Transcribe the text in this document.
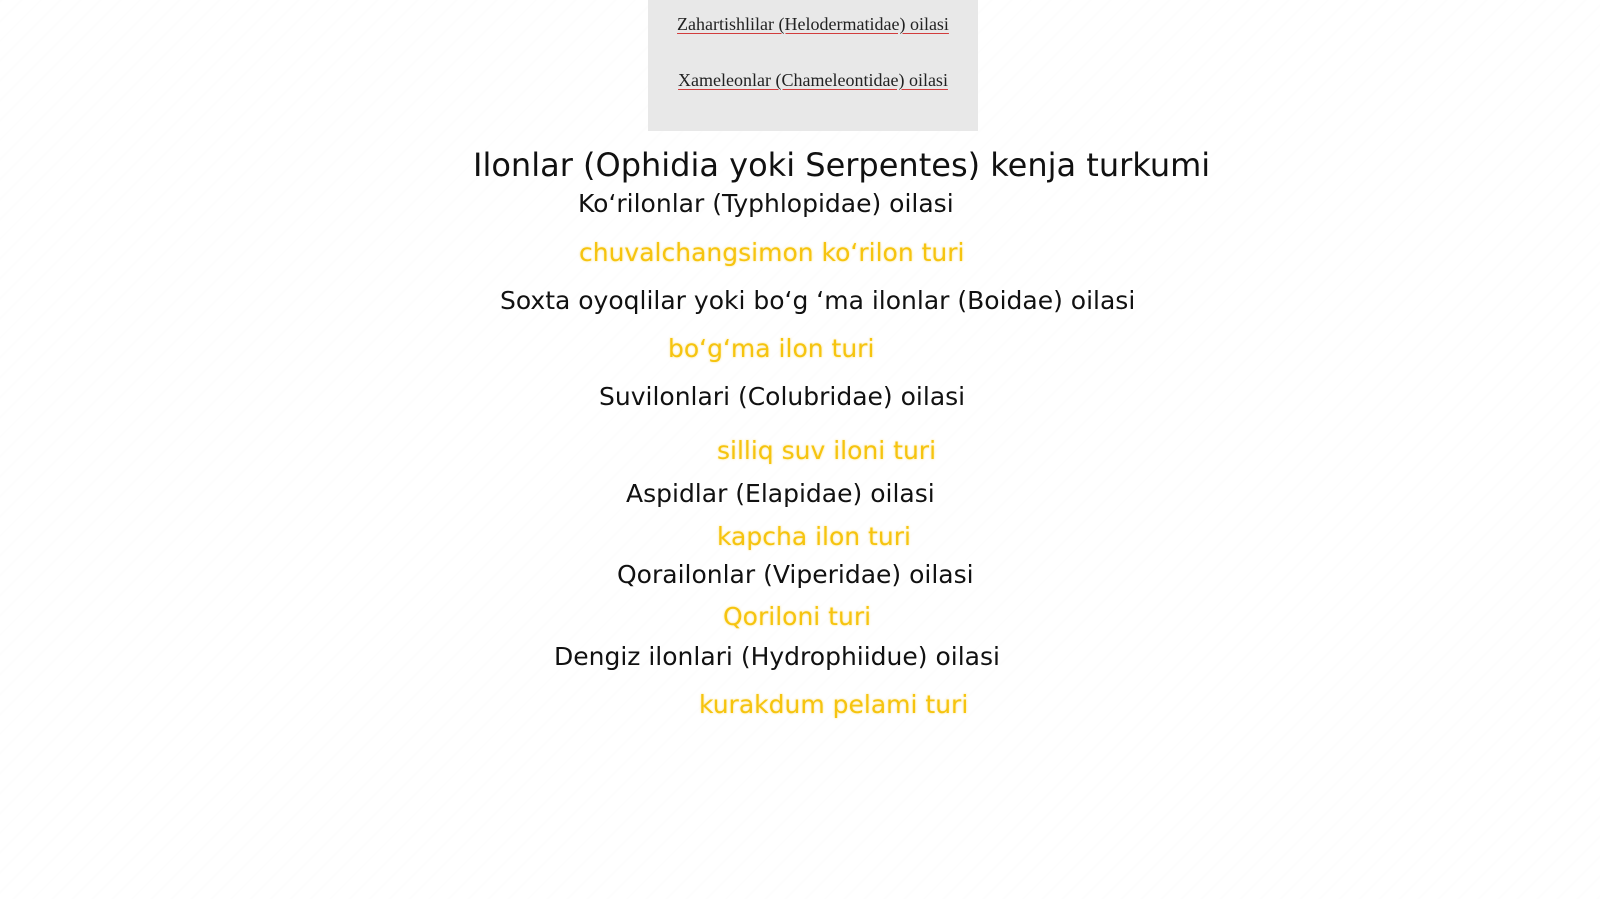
Zahartishlilar (Helodermatidae) oilasi
Xameleonlar (Chameleontidae) oilasi
Ilonlar (Ophidia yoki Serpentes) kenja turkumi
Koʻrilonlar (Typhlopidae) oilasi
chuvalchangsimon koʻrilon turi
Soxta oyoqlilar yoki boʻg ʻma ilonlar (Boidae) oilasi
boʻgʻma ilon turi
Suvilonlari (Colubridae) oilasi
silliq suv iloni turi
Aspidlar (Elapidae) oilasi
kapcha ilon turi
Qorailonlar (Viperidae) oilasi
Qoriloni turi
Dengiz ilonlari (Hydrophiidue) oilasi
kurakdum pelami turi
